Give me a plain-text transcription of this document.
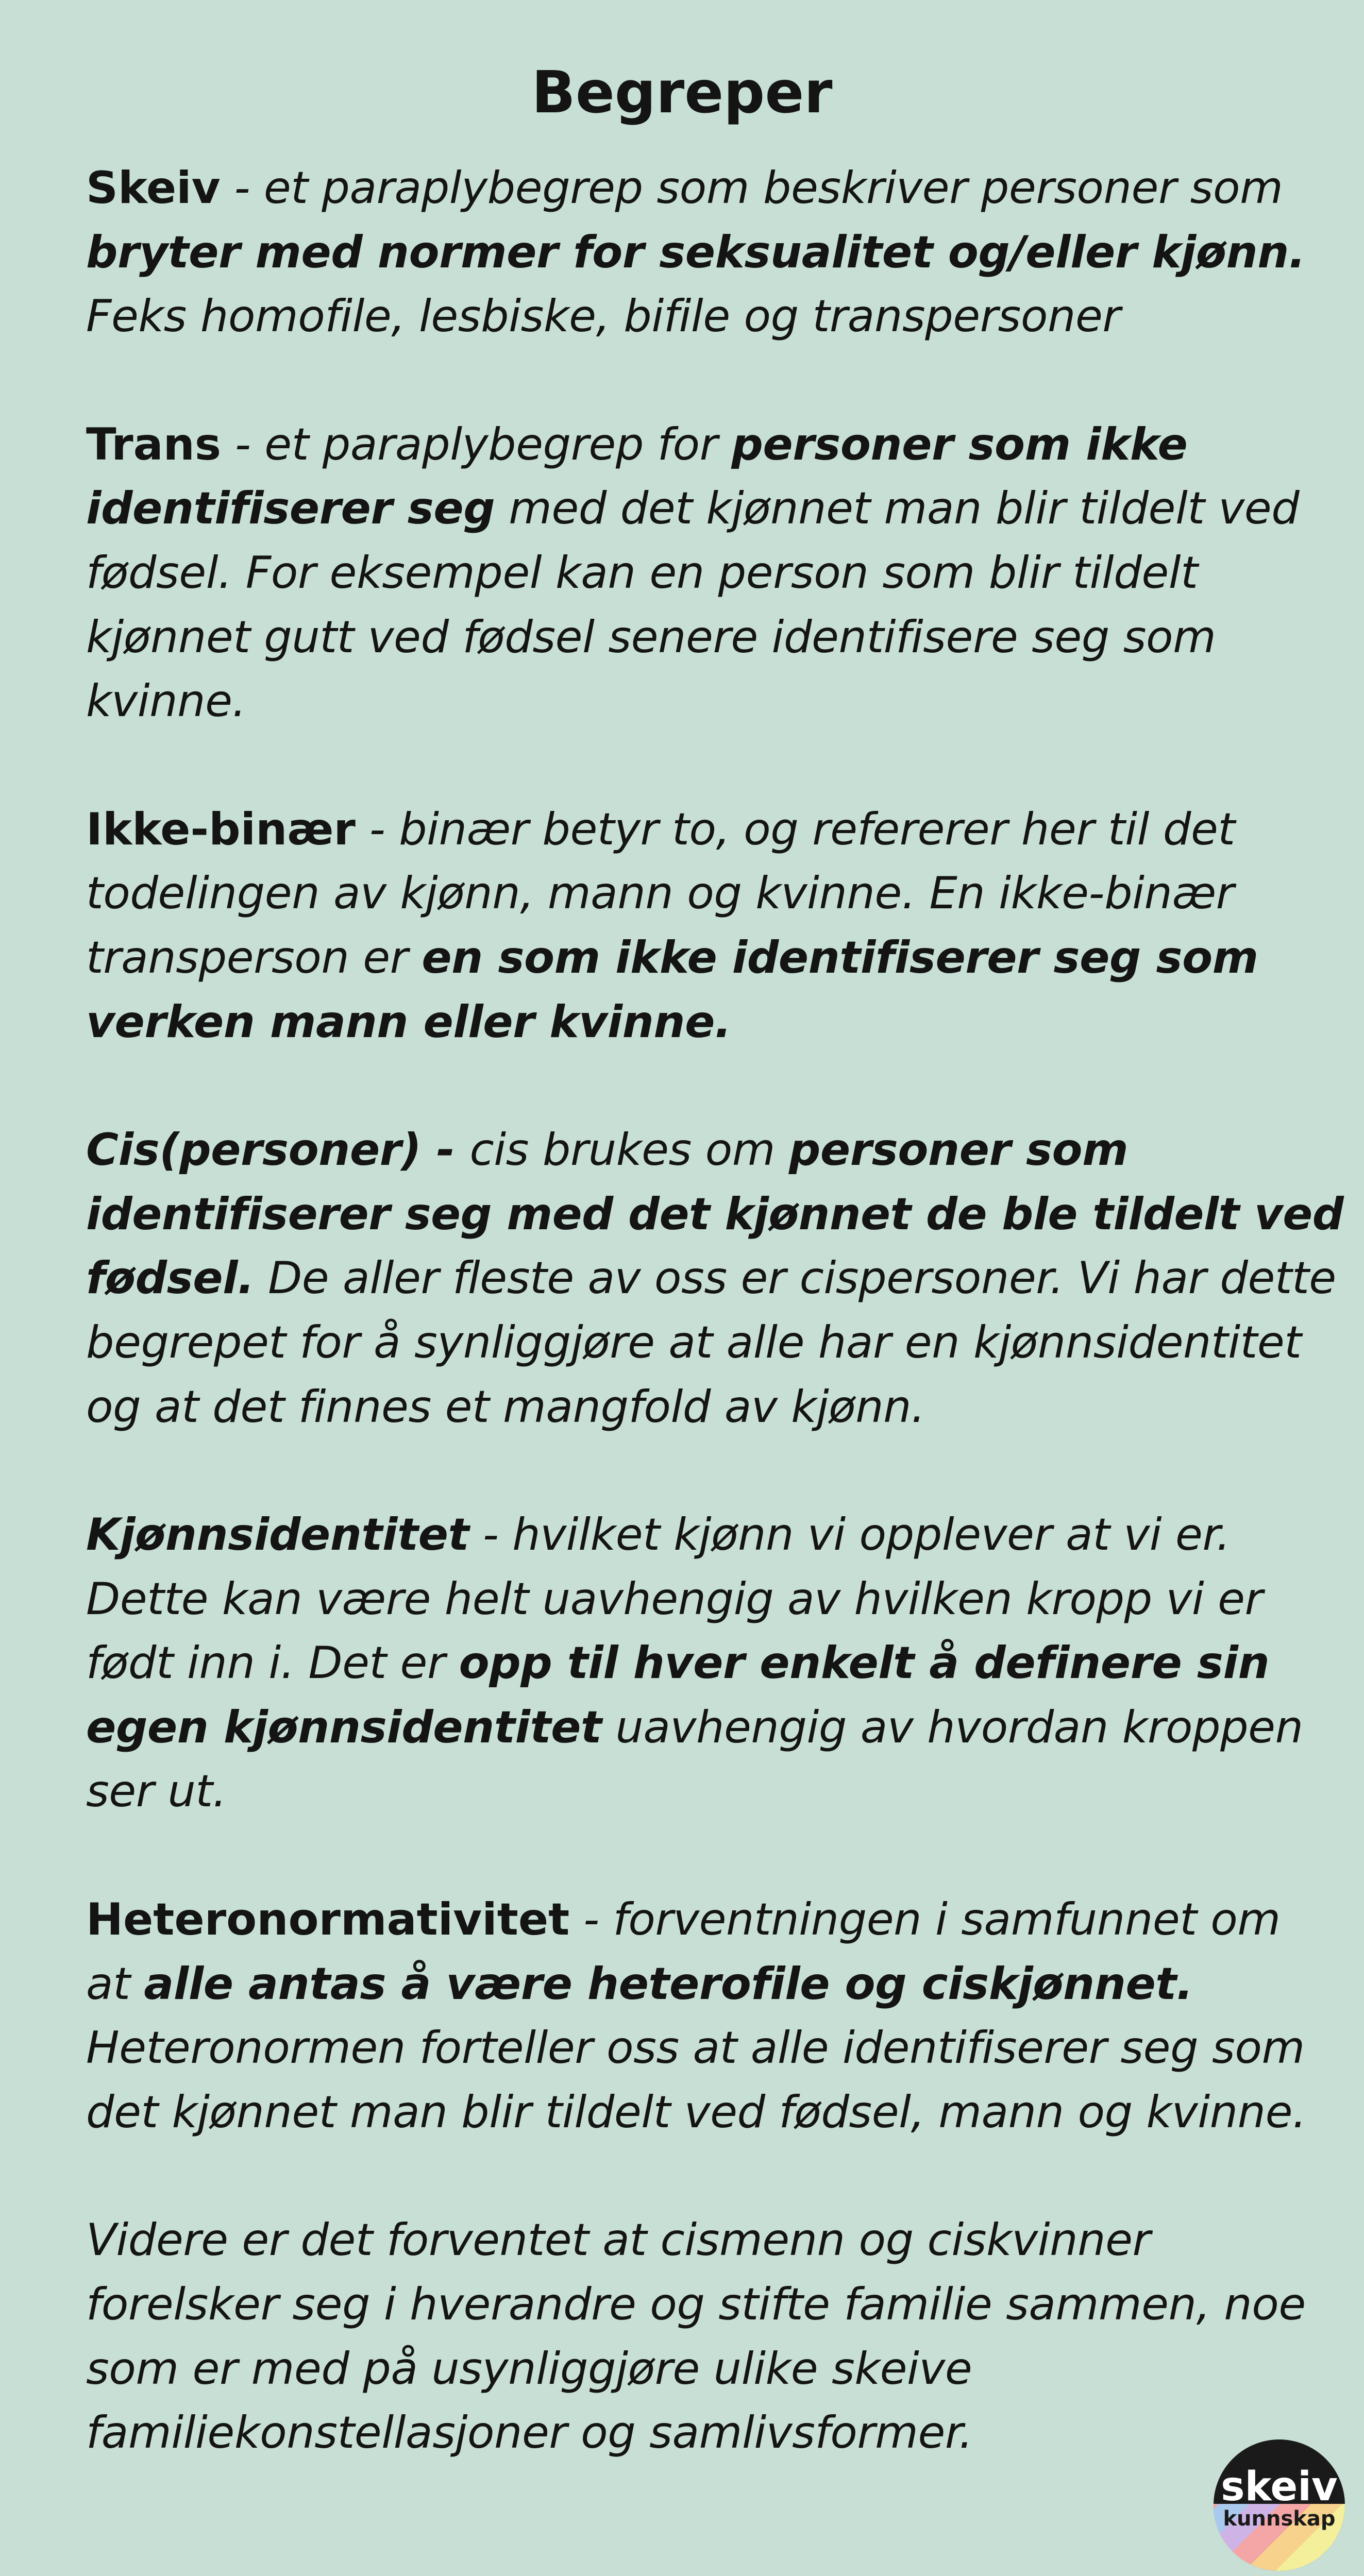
Begreper

Skeiv - et paraplybegrep som beskriver personer som
bryter med normer for seksualitet og/eller kjønn.
Feks homofile, lesbiske, bifile og transpersoner

Trans - et paraplybegrep for personer som ikke
identifiserer seg med det kjønnet man blir tildelt ved
fødsel. For eksempel kan en person som blir tildelt
kjønnet gutt ved fødsel senere identifisere seg som
kvinne.

Ikke-binær - binær betyr to, og refererer her til det
todelingen av kjønn, mann og kvinne. En ikke-binær
transperson er en som ikke identifiserer seg som
verken mann eller kvinne.

Cis(personer) - cis brukes om personer som
identifiserer seg med det kjønnet de ble tildelt ved
fødsel. De aller fleste av oss er cispersoner. Vi har dette
begrepet for å synliggjøre at alle har en kjønnsidentitet
og at det finnes et mangfold av kjønn.

Kjønnsidentitet - hvilket kjønn vi opplever at vi er.
Dette kan være helt uavhengig av hvilken kropp vi er
født inn i. Det er opp til hver enkelt å definere sin
egen kjønnsidentitet uavhengig av hvordan kroppen
ser ut.

Heteronormativitet - forventningen i samfunnet om
at alle antas å være heterofile og ciskjønnet.
Heteronormen forteller oss at alle identifiserer seg som
det kjønnet man blir tildelt ved fødsel, mann og kvinne.

Videre er det forventet at cismenn og ciskvinner
forelsker seg i hverandre og stifte familie sammen, noe
som er med på usynliggjøre ulike skeive
familiekonstellasjoner og samlivsformer.

skeiv
kunnskap
